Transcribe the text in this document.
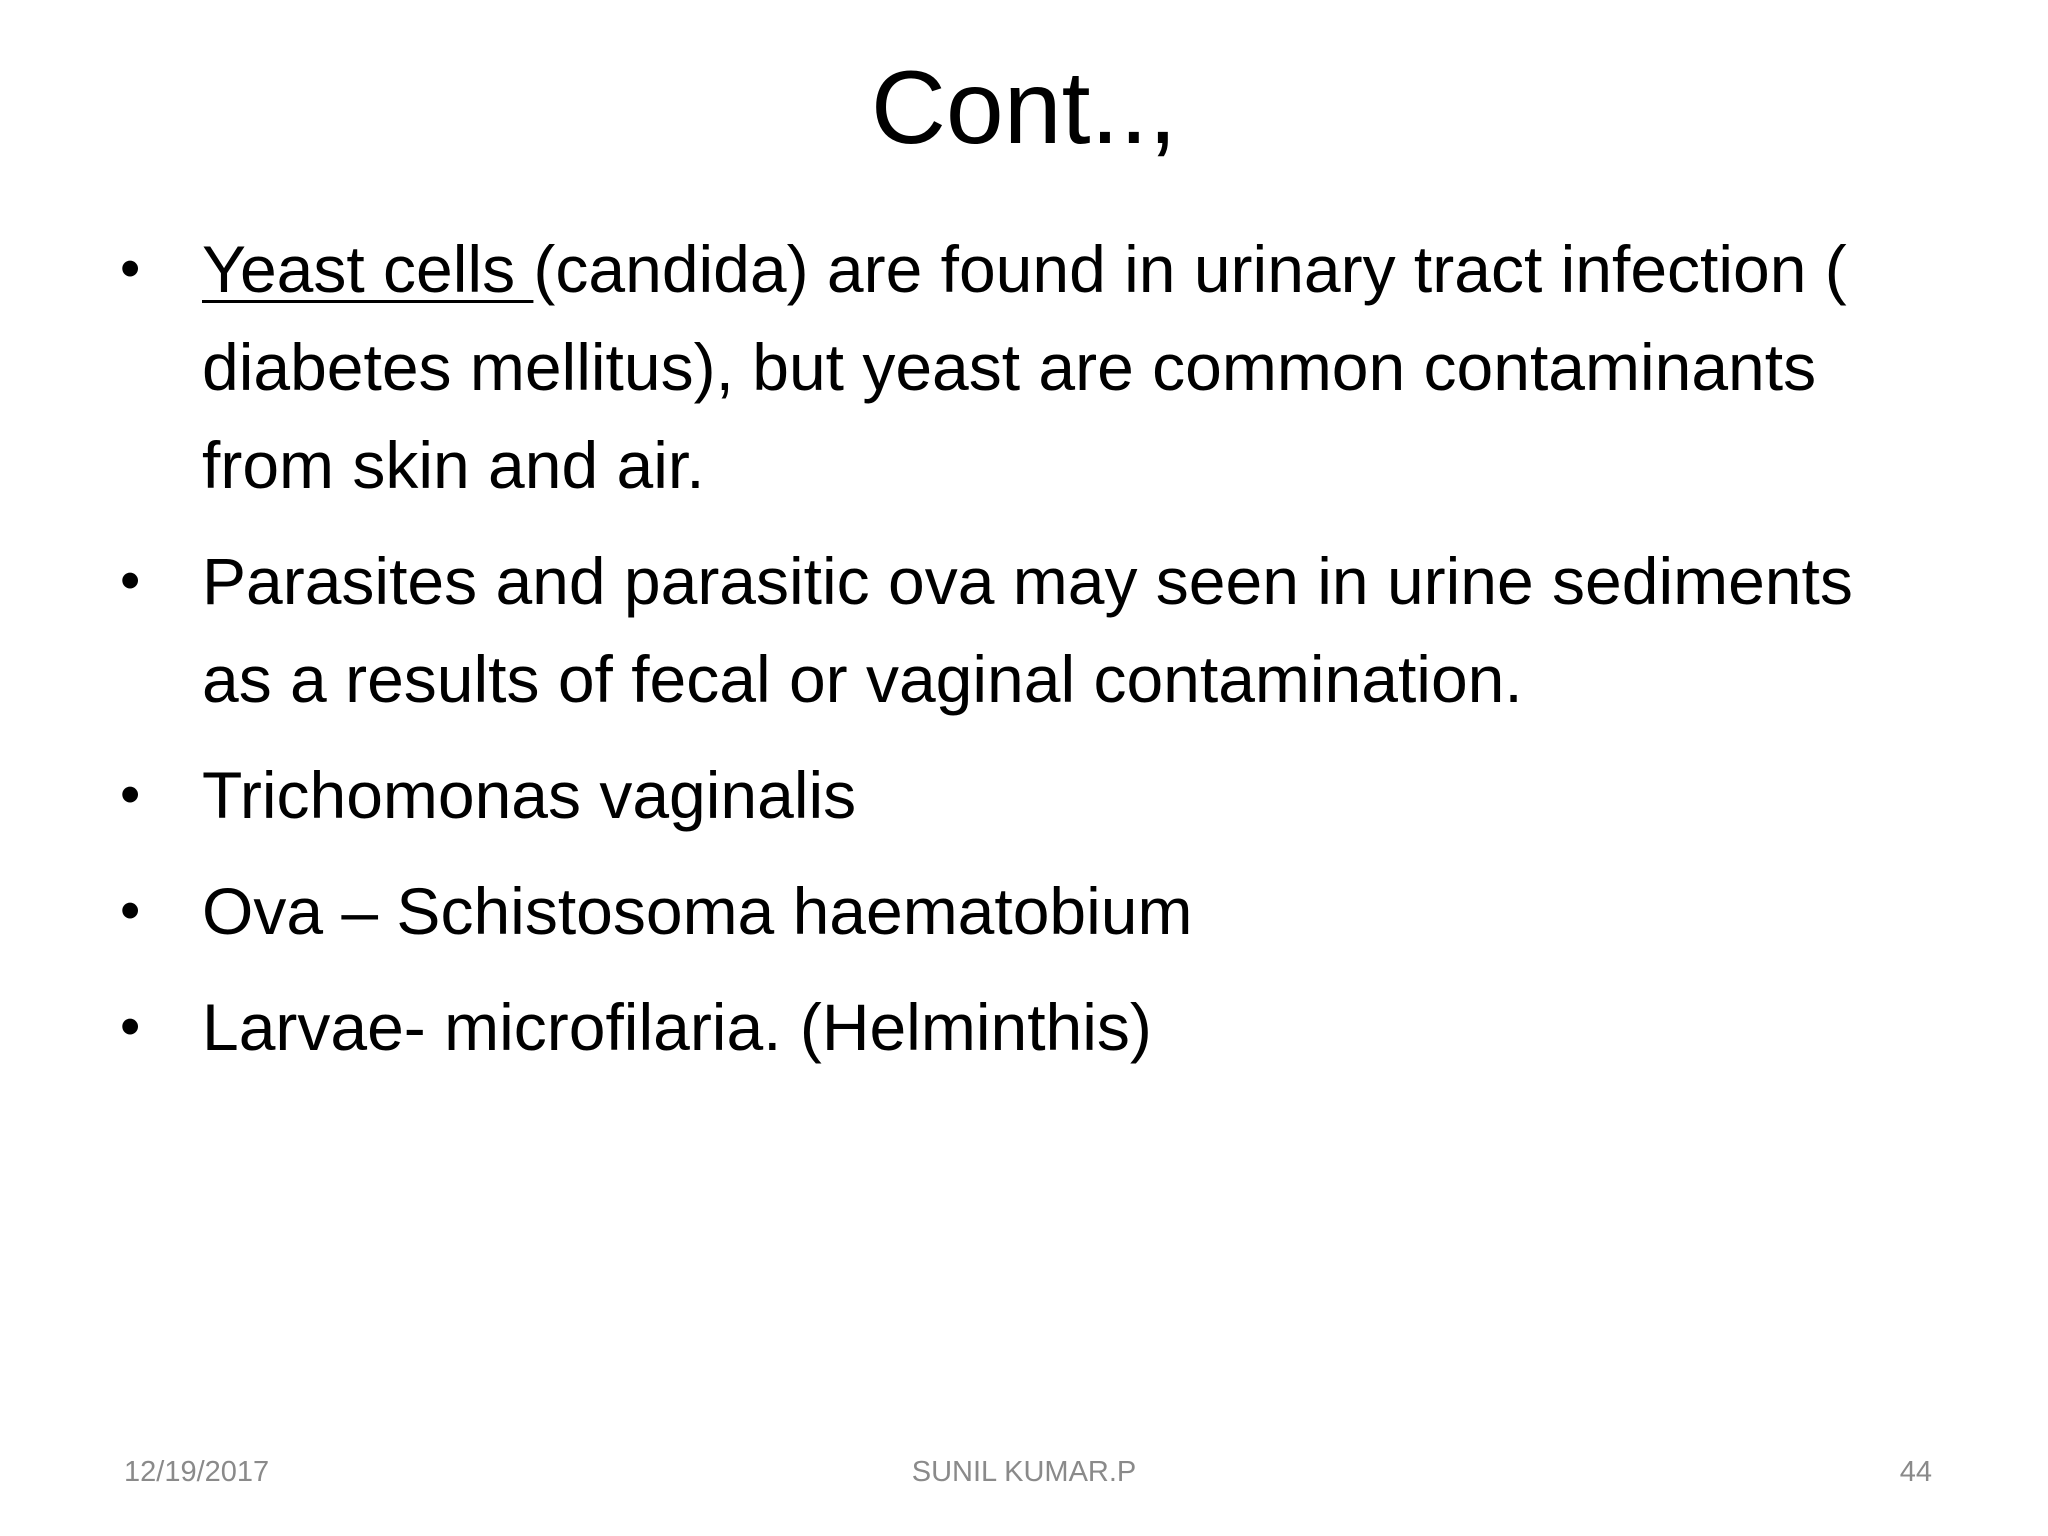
Cont..,
• Yeast cells (candida) are found in urinary tract infection ( diabetes mellitus), but yeast are common contaminants from skin and air.
• Parasites and parasitic ova may seen in urine sediments as a results of fecal or vaginal contamination.
• Trichomonas vaginalis
• Ova – Schistosoma haematobium
• Larvae- microfilaria. (Helminthis)
12/19/2017	SUNIL KUMAR.P	44
